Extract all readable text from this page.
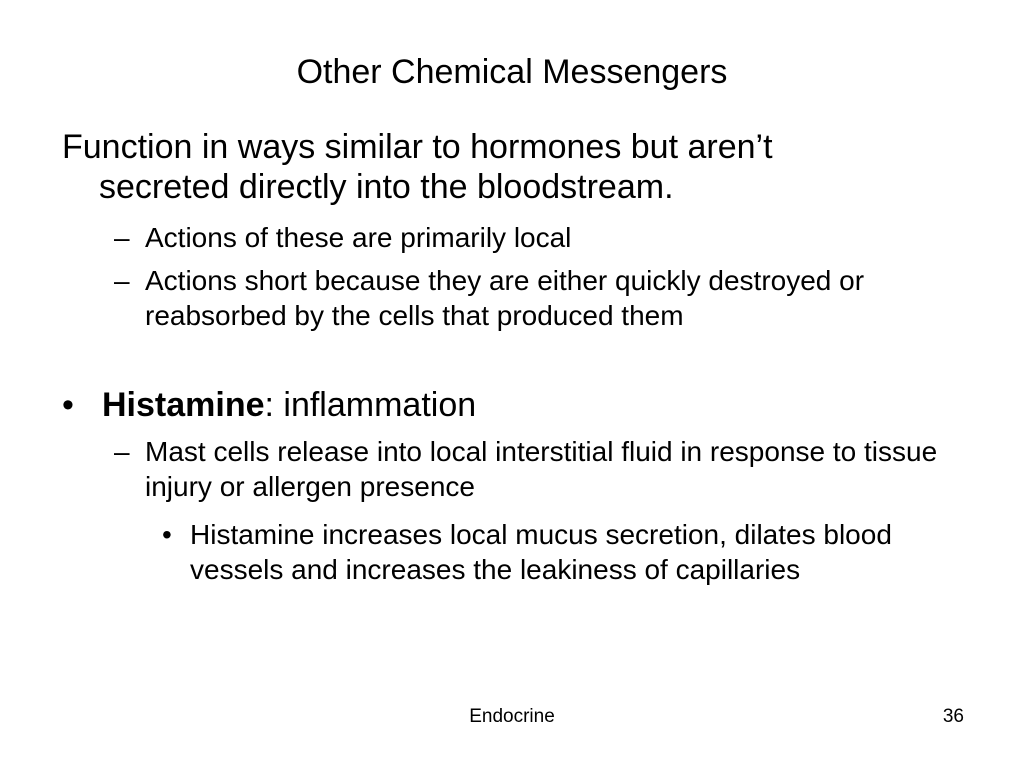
Other Chemical Messengers
Function in ways similar to hormones but aren’t
secreted directly into the bloodstream.
– Actions of these are primarily local
– Actions short because they are either quickly destroyed or reabsorbed by the cells that produced them
• Histamine: inflammation
– Mast cells release into local interstitial fluid in response to tissue injury or allergen presence
• Histamine increases local mucus secretion, dilates blood vessels and increases the leakiness of capillaries
Endocrine	36
